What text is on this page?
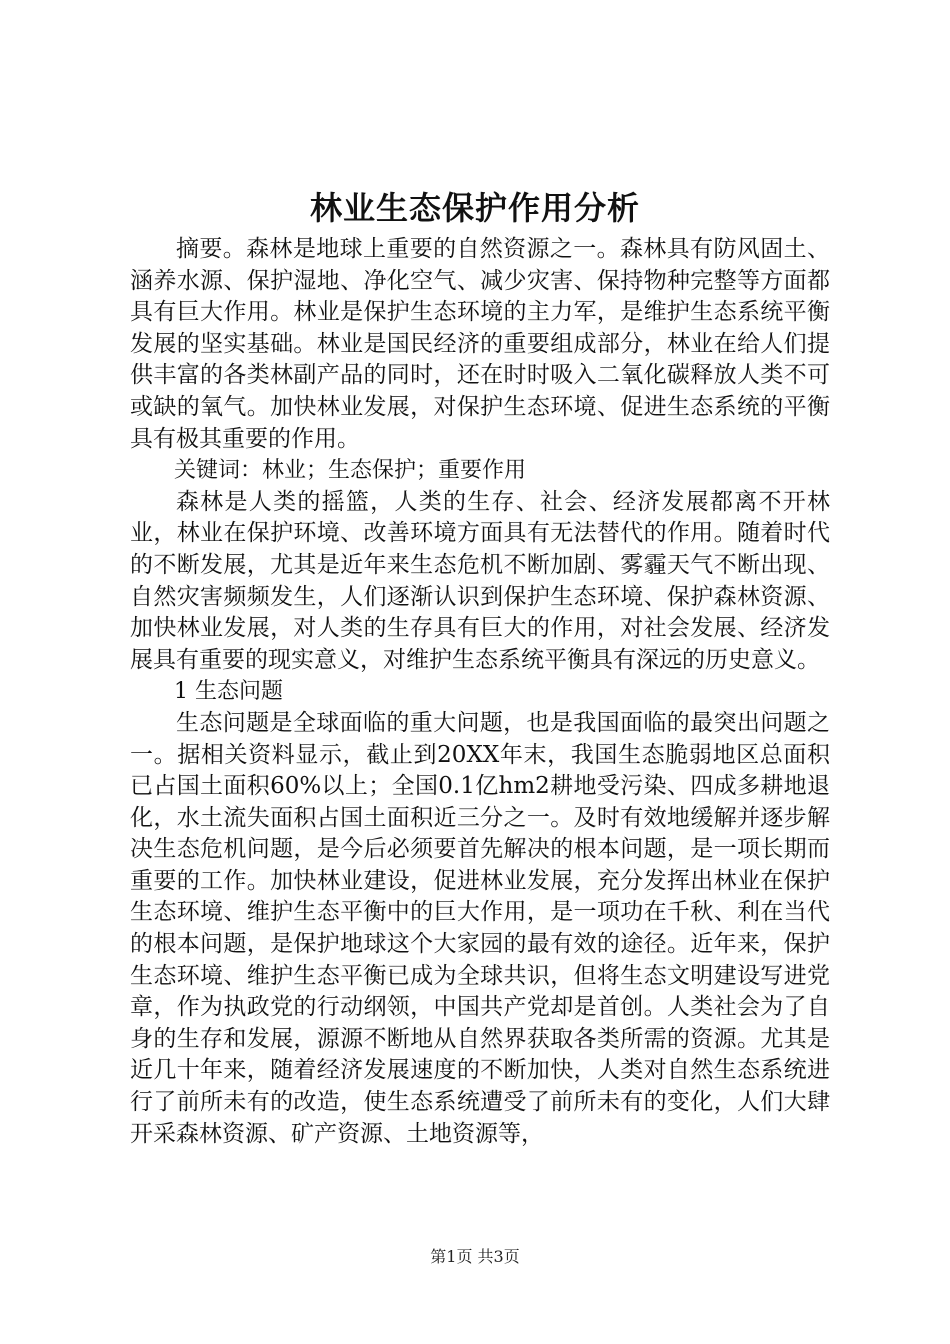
林业生态保护作用分析

摘要。森林是地球上重要的自然资源之一。森林具有防风固土、涵养水源、保护湿地、净化空气、减少灾害、保持物种完整等方面都具有巨大作用。林业是保护生态环境的主力军，是维护生态系统平衡发展的坚实基础。林业是国民经济的重要组成部分，林业在给人们提供丰富的各类林副产品的同时，还在时时吸入二氧化碳释放人类不可或缺的氧气。加快林业发展，对保护生态环境、促进生态系统的平衡具有极其重要的作用。

关键词：林业；生态保护；重要作用

森林是人类的摇篮，人类的生存、社会、经济发展都离不开林业，林业在保护环境、改善环境方面具有无法替代的作用。随着时代的不断发展，尤其是近年来生态危机不断加剧、雾霾天气不断出现、自然灾害频频发生，人们逐渐认识到保护生态环境、保护森林资源、加快林业发展，对人类的生存具有巨大的作用，对社会发展、经济发展具有重要的现实意义，对维护生态系统平衡具有深远的历史意义。

1 生态问题

生态问题是全球面临的重大问题，也是我国面临的最突出问题之一。据相关资料显示，截止到20XX年末，我国生态脆弱地区总面积已占国土面积60%以上；全国0.1亿hm2耕地受污染、四成多耕地退化，水土流失面积占国土面积近三分之一。及时有效地缓解并逐步解决生态危机问题，是今后必须要首先解决的根本问题，是一项长期而重要的工作。加快林业建设，促进林业发展，充分发挥出林业在保护生态环境、维护生态平衡中的巨大作用，是一项功在千秋、利在当代的根本问题，是保护地球这个大家园的最有效的途径。近年来，保护生态环境、维护生态平衡已成为全球共识，但将生态文明建设写进党章，作为执政党的行动纲领，中国共产党却是首创。人类社会为了自身的生存和发展，源源不断地从自然界获取各类所需的资源。尤其是近几十年来，随着经济发展速度的不断加快，人类对自然生态系统进行了前所未有的改造，使生态系统遭受了前所未有的变化，人们大肆开采森林资源、矿产资源、土地资源等，

第1页 共3页
